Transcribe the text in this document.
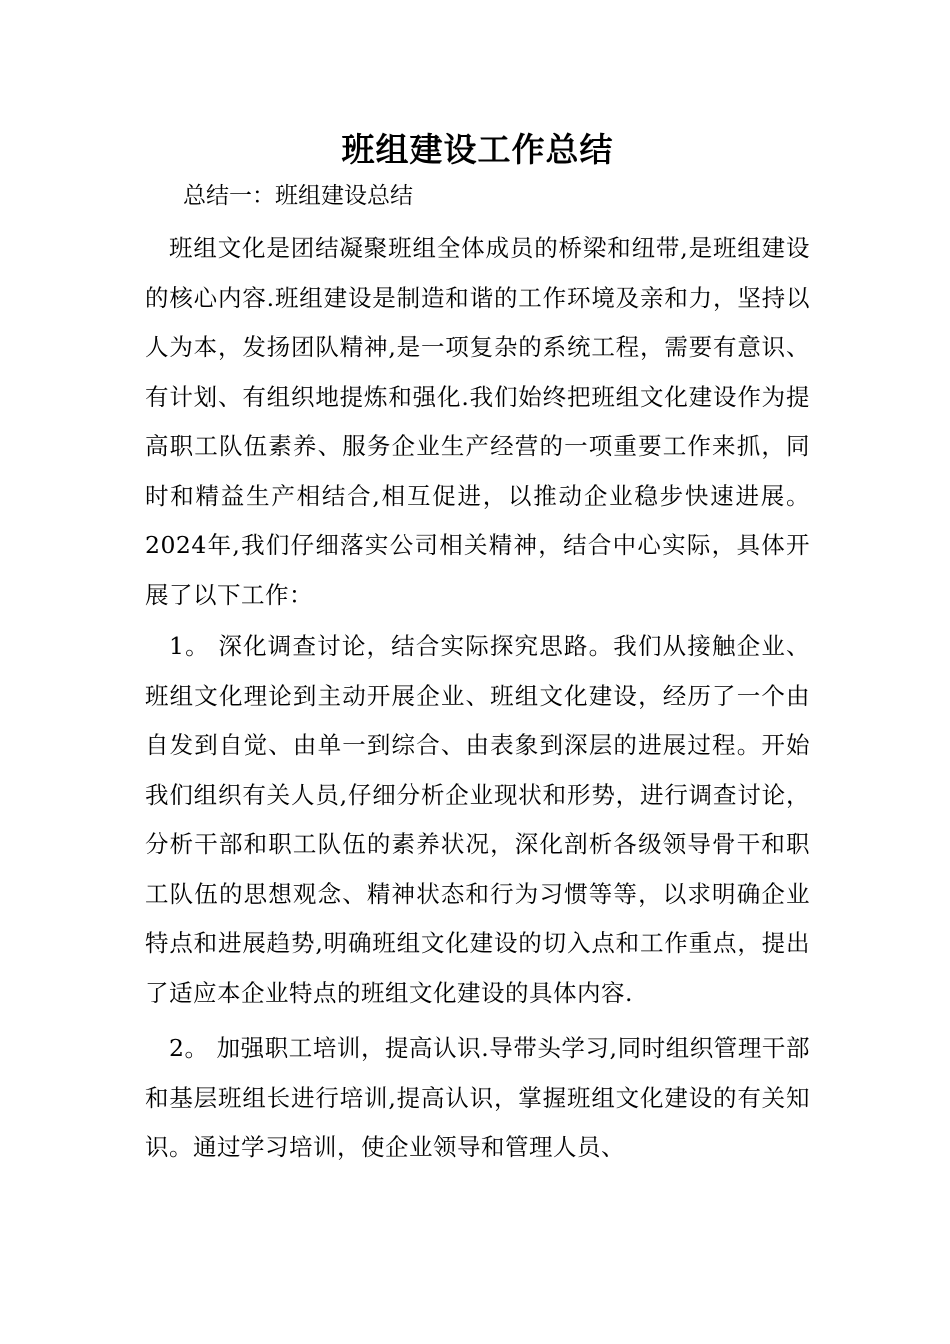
班组建设工作总结
总结一：班组建设总结

班组文化是团结凝聚班组全体成员的桥梁和纽带,是班组建设的核心内容.班组建设是制造和谐的工作环境及亲和力，坚持以人为本，发扬团队精神,是一项复杂的系统工程，需要有意识、有计划、有组织地提炼和强化.我们始终把班组文化建设作为提高职工队伍素养、服务企业生产经营的一项重要工作来抓，同时和精益生产相结合,相互促进，以推动企业稳步快速进展。 2024年,我们仔细落实公司相关精神，结合中心实际，具体开展了以下工作：

1。 深化调查讨论，结合实际探究思路。我们从接触企业、班组文化理论到主动开展企业、班组文化建设，经历了一个由自发到自觉、由单一到综合、由表象到深层的进展过程。开始我们组织有关人员,仔细分析企业现状和形势，进行调查讨论，分析干部和职工队伍的素养状况，深化剖析各级领导骨干和职工队伍的思想观念、精神状态和行为习惯等等，以求明确企业特点和进展趋势,明确班组文化建设的切入点和工作重点，提出了适应本企业特点的班组文化建设的具体内容.

2。 加强职工培训，提高认识.导带头学习,同时组织管理干部和基层班组长进行培训,提高认识，掌握班组文化建设的有关知识。通过学习培训，使企业领导和管理人员、
